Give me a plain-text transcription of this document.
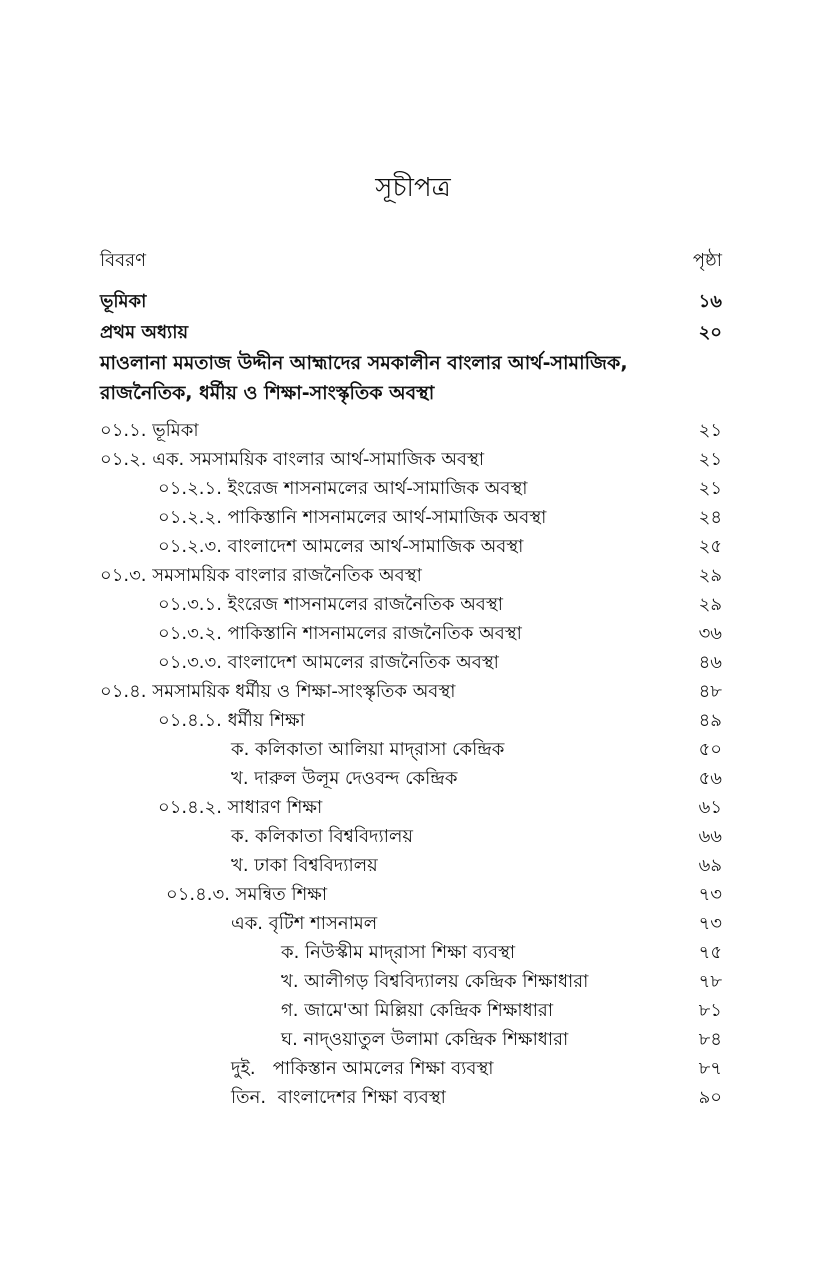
সূচীপত্র
বিবরণ	পৃষ্ঠা
ভূমিকা	১৬
প্রথম অধ্যায়	২০
মাওলানা মমতাজ উদ্দীন আহ্মাদের সমকালীন বাংলার আর্থ-সামাজিক,
রাজনৈতিক, ধর্মীয় ও শিক্ষা-সাংস্কৃতিক অবস্থা
০১.১. ভূমিকা	২১
০১.২. এক. সমসাময়িক বাংলার আর্থ-সামাজিক অবস্থা	২১
০১.২.১. ইংরেজ শাসনামলের আর্থ-সামাজিক অবস্থা	২১
০১.২.২. পাকিস্তানি শাসনামলের আর্থ-সামাজিক অবস্থা	২৪
০১.২.৩. বাংলাদেশ আমলের আর্থ-সামাজিক অবস্থা	২৫
০১.৩. সমসাময়িক বাংলার রাজনৈতিক অবস্থা	২৯
০১.৩.১. ইংরেজ শাসনামলের রাজনৈতিক অবস্থা	২৯
০১.৩.২. পাকিস্তানি শাসনামলের রাজনৈতিক অবস্থা	৩৬
০১.৩.৩. বাংলাদেশ আমলের রাজনৈতিক অবস্থা	৪৬
০১.৪. সমসাময়িক ধর্মীয় ও শিক্ষা-সাংস্কৃতিক অবস্থা	৪৮
০১.৪.১. ধর্মীয় শিক্ষা	৪৯
ক. কলিকাতা আলিয়া মাদ্‌রাসা কেন্দ্রিক	৫০
খ. দারুল উলূম দেওবন্দ কেন্দ্রিক	৫৬
০১.৪.২. সাধারণ শিক্ষা	৬১
ক. কলিকাতা বিশ্ববিদ্যালয়	৬৬
খ. ঢাকা বিশ্ববিদ্যালয়	৬৯
০১.৪.৩. সমন্বিত শিক্ষা	৭৩
এক. বৃটিশ শাসনামল	৭৩
ক. নিউস্কীম মাদ্‌রাসা শিক্ষা ব্যবস্থা	৭৫
খ. আলীগড় বিশ্ববিদ্যালয় কেন্দ্রিক শিক্ষাধারা	৭৮
গ. জামে'আ মিল্লিয়া কেন্দ্রিক শিক্ষাধারা	৮১
ঘ. নাদ্‌ওয়াতুল উলামা কেন্দ্রিক শিক্ষাধারা	৮৪
দুই.   পাকিস্তান আমলের শিক্ষা ব্যবস্থা	৮৭
তিন.  বাংলাদেশর শিক্ষা ব্যবস্থা	৯০
